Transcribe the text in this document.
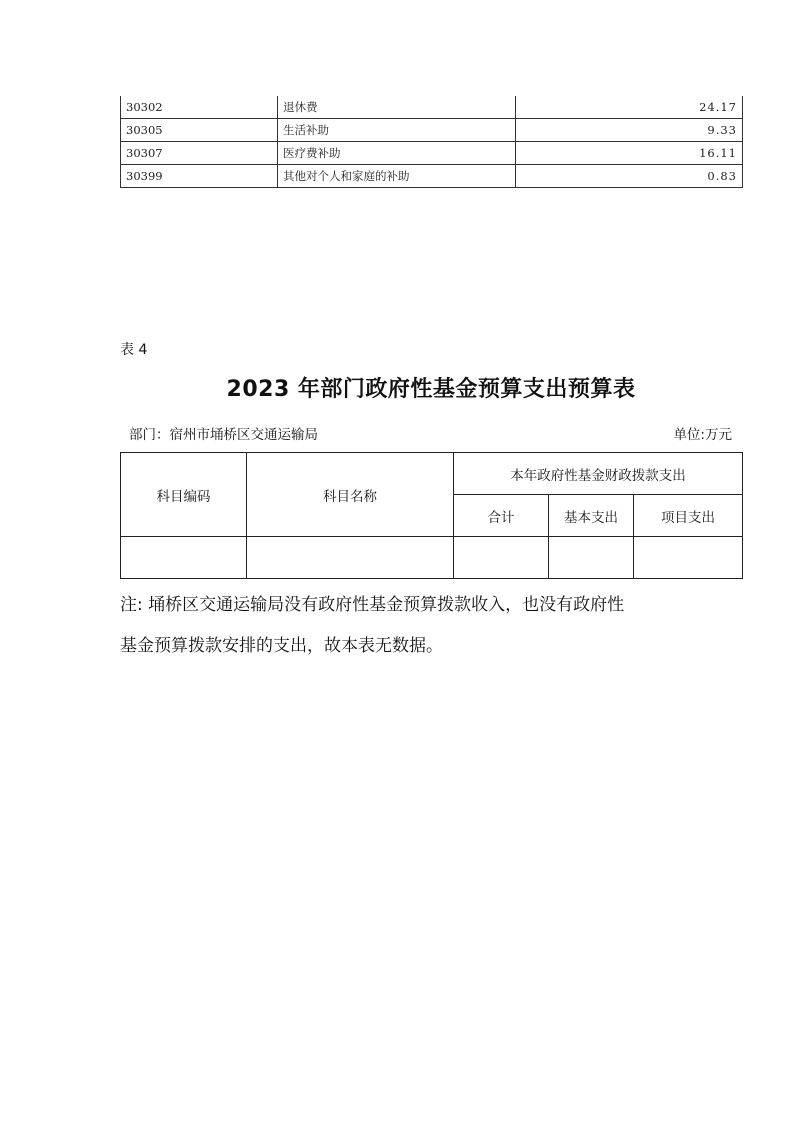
30302	退休费	24.17
30305	生活补助	9.33
30307	医疗费补助	16.11
30399	其他对个人和家庭的补助	0.83
表 4
2023 年部门政府性基金预算支出预算表
部门：宿州市埇桥区交通运输局	单位:万元
科目编码	科目名称	本年政府性基金财政拨款支出		
		合计	基本支出	项目支出

注: 埇桥区交通运输局没有政府性基金预算拨款收入，也没有政府性
基金预算拨款安排的支出，故本表无数据。
